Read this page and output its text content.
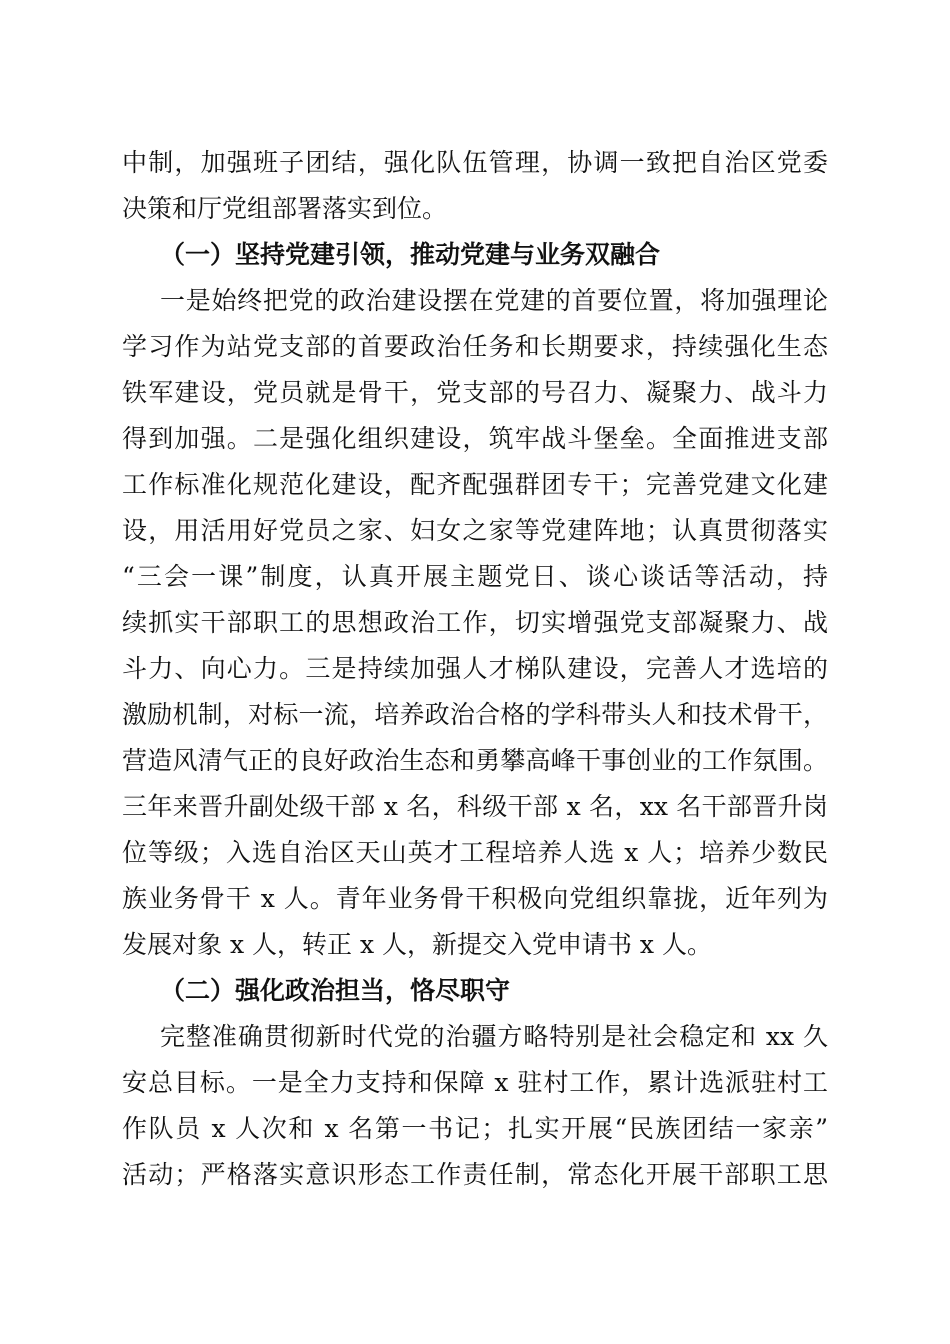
中制，加强班子团结，强化队伍管理，协调一致把自治区党委
决策和厅党组部署落实到位。
（一）坚持党建引领，推动党建与业务双融合
一是始终把党的政治建设摆在党建的首要位置，将加强理论
学习作为站党支部的首要政治任务和长期要求，持续强化生态
铁军建设，党员就是骨干，党支部的号召力、凝聚力、战斗力
得到加强。二是强化组织建设，筑牢战斗堡垒。全面推进支部
工作标准化规范化建设，配齐配强群团专干；完善党建文化建
设，用活用好党员之家、妇女之家等党建阵地；认真贯彻落实
“三会一课”制度，认真开展主题党日、谈心谈话等活动，持
续抓实干部职工的思想政治工作，切实增强党支部凝聚力、战
斗力、向心力。三是持续加强人才梯队建设，完善人才选培的
激励机制，对标一流，培养政治合格的学科带头人和技术骨干，
营造风清气正的良好政治生态和勇攀高峰干事创业的工作氛围。
三年来晋升副处级干部 x 名，科级干部 x 名，xx 名干部晋升岗
位等级；入选自治区天山英才工程培养人选 x 人；培养少数民
族业务骨干 x 人。青年业务骨干积极向党组织靠拢，近年列为
发展对象 x 人，转正 x 人，新提交入党申请书 x 人。
（二）强化政治担当，恪尽职守
完整准确贯彻新时代党的治疆方略特别是社会稳定和 xx 久
安总目标。一是全力支持和保障 x 驻村工作，累计选派驻村工
作队员 x 人次和 x 名第一书记；扎实开展“民族团结一家亲”
活动；严格落实意识形态工作责任制，常态化开展干部职工思
